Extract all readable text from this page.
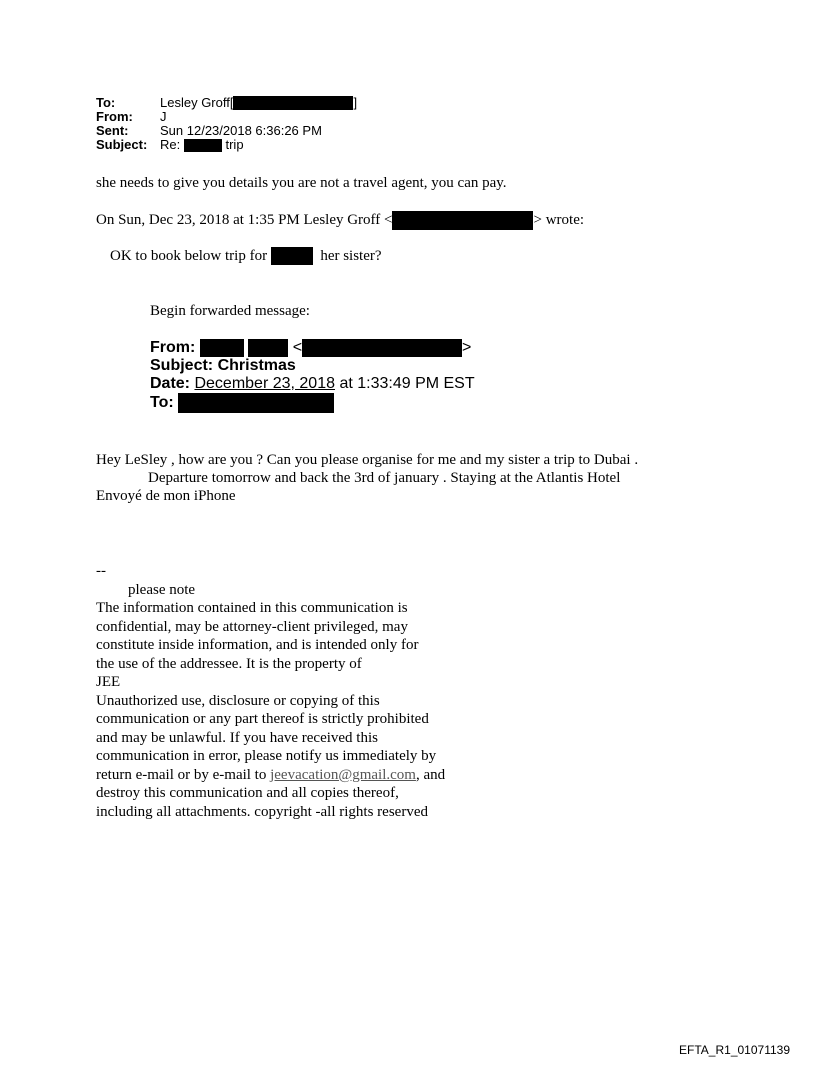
To:	Lesley Groff[	]
From:	J
Sent:	Sun 12/23/2018 6:36:26 PM
Subject: Re:

	trip
she needs to give you details you are not a travel agent, you can pay.
On Sun, Dec 23, 2018 at 1:35 PM Lesley Groff <	> wrote:
OK to book below trip for

	her sister?
Begin forwarded message:
From:

	<	>
Subject:
Christmas
Date:
December 23, 2018 at 1:33:49 PM EST
To:

Hey LeSley , how are you ? Can you please organise for me and my sister a trip to Dubai .
Departure tomorrow and back the 3rd of january . Staying at the Atlantis Hotel
Envoyé de mon iPhone
--
please note
The information contained in this communication is
confidential, may be attorney-client privileged, may
constitute inside information, and is intended only for
the use of the addressee. It is the property of
JEE
Unauthorized use, disclosure or copying of this
communication or any part thereof is strictly prohibited
and may be unlawful. If you have received this
communication in error, please notify us immediately by
return e-mail or by e-mail to jeevacation@gmail.com, and
destroy this communication and all copies thereof,
including all attachments. copyright -all rights reserved
EFTA_R1_01071139
